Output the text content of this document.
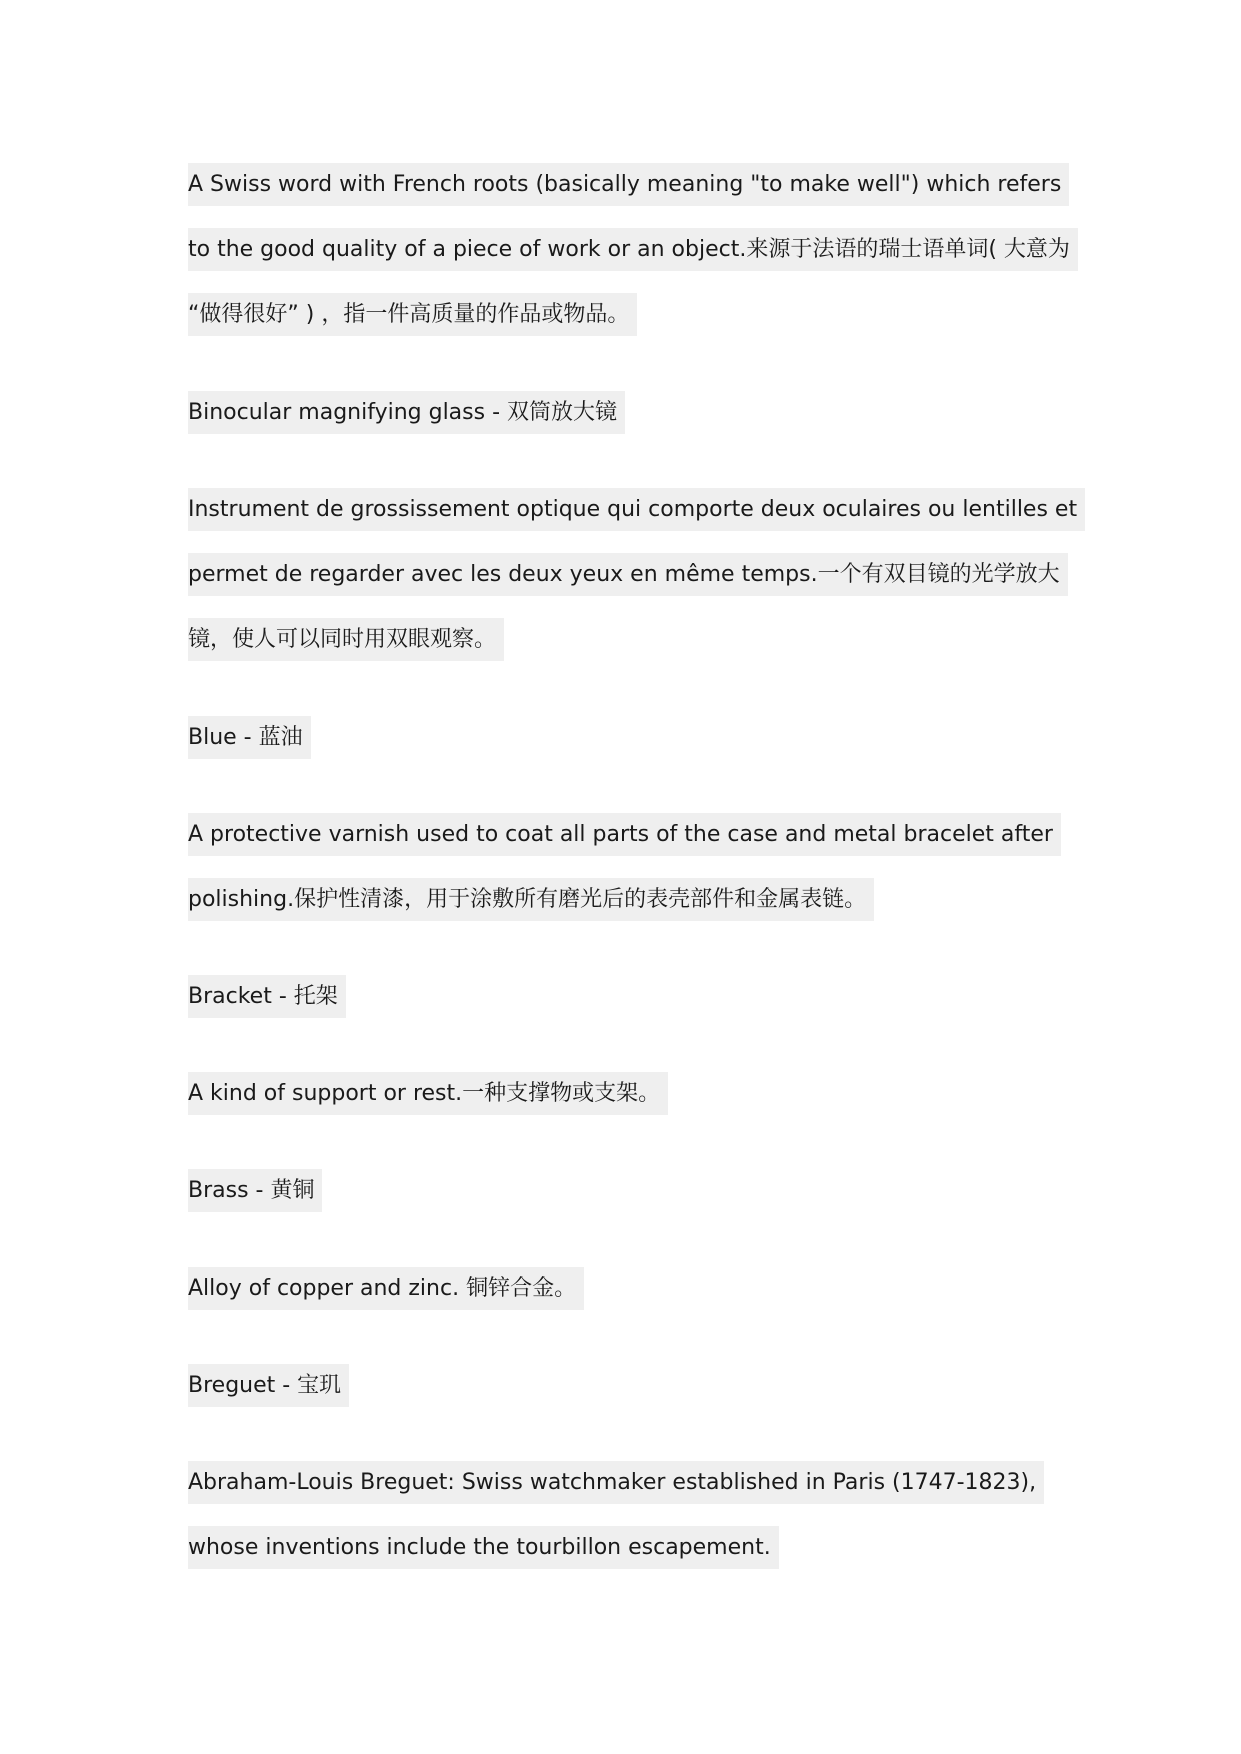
A Swiss word with French roots (basically meaning "to make well") which refers to the good quality of a piece of work or an object.来源于法语的瑞士语单词( 大意为 “做得很好” ) ，指一件高质量的作品或物品。
Binocular magnifying glass - 双筒放大镜
Instrument de grossissement optique qui comporte deux oculaires ou lentilles et permet de regarder avec les deux yeux en même temps.一个有双目镜的光学放大镜，使人可以同时用双眼观察。
Blue - 蓝油
A protective varnish used to coat all parts of the case and metal bracelet after polishing.保护性清漆，用于涂敷所有磨光后的表壳部件和金属表链。
Bracket - 托架
A kind of support or rest.一种支撑物或支架。
Brass - 黄铜
Alloy of copper and zinc. 铜锌合金。
Breguet - 宝玑
Abraham-Louis Breguet: Swiss watchmaker established in Paris (1747-1823), whose inventions include the tourbillon escapement.
